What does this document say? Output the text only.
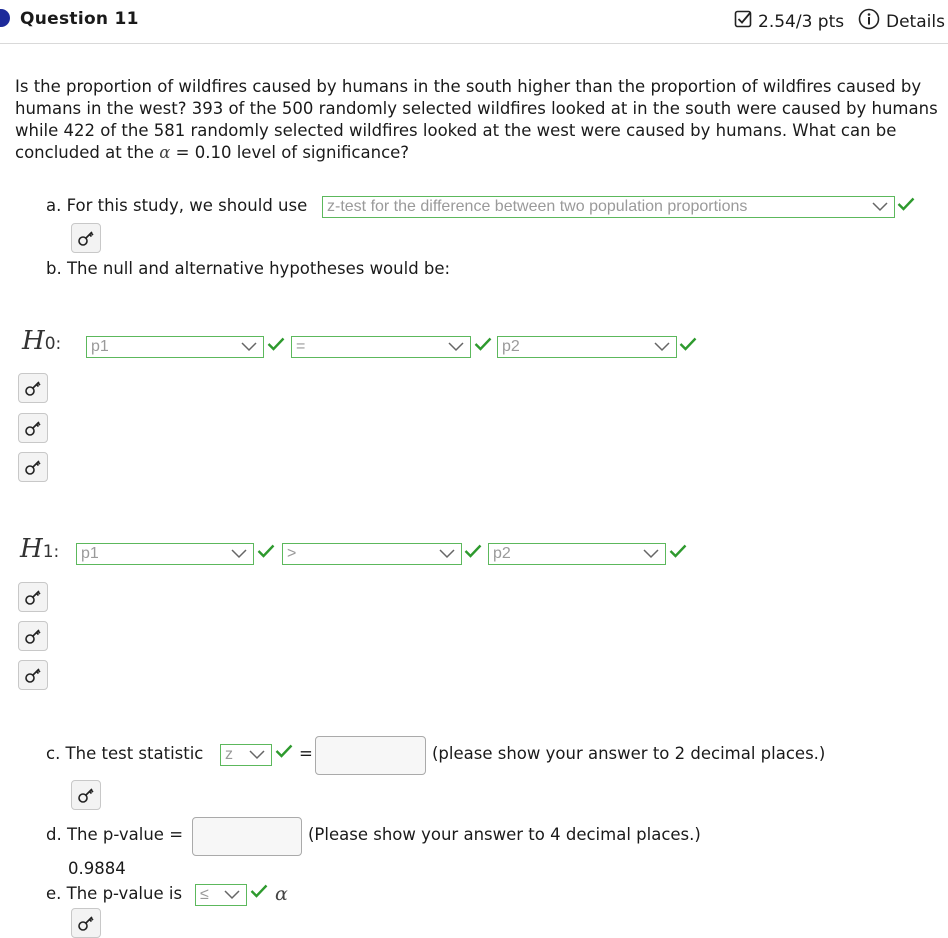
Question 11	2.54/3 pts Details
Is the proportion of wildfires caused by humans in the south higher than the proportion of wildfires caused by humans in the west? 393 of the 500 randomly selected wildfires looked at in the south were caused by humans while 422 of the 581 randomly selected wildfires looked at the west were caused by humans. What can be concluded at the α = 0.10 level of significance?
a. For this study, we should use	z-test for the difference between two population proportions
b. The null and alternative hypotheses would be:
H0:	p1	=	p2
H1:	p1	>	p2
c. The test statistic	z	=	(please show your answer to 2 decimal places.)
d. The p-value =	(Please show your answer to 4 decimal places.)
0.9884
e. The p-value is	≤	α
